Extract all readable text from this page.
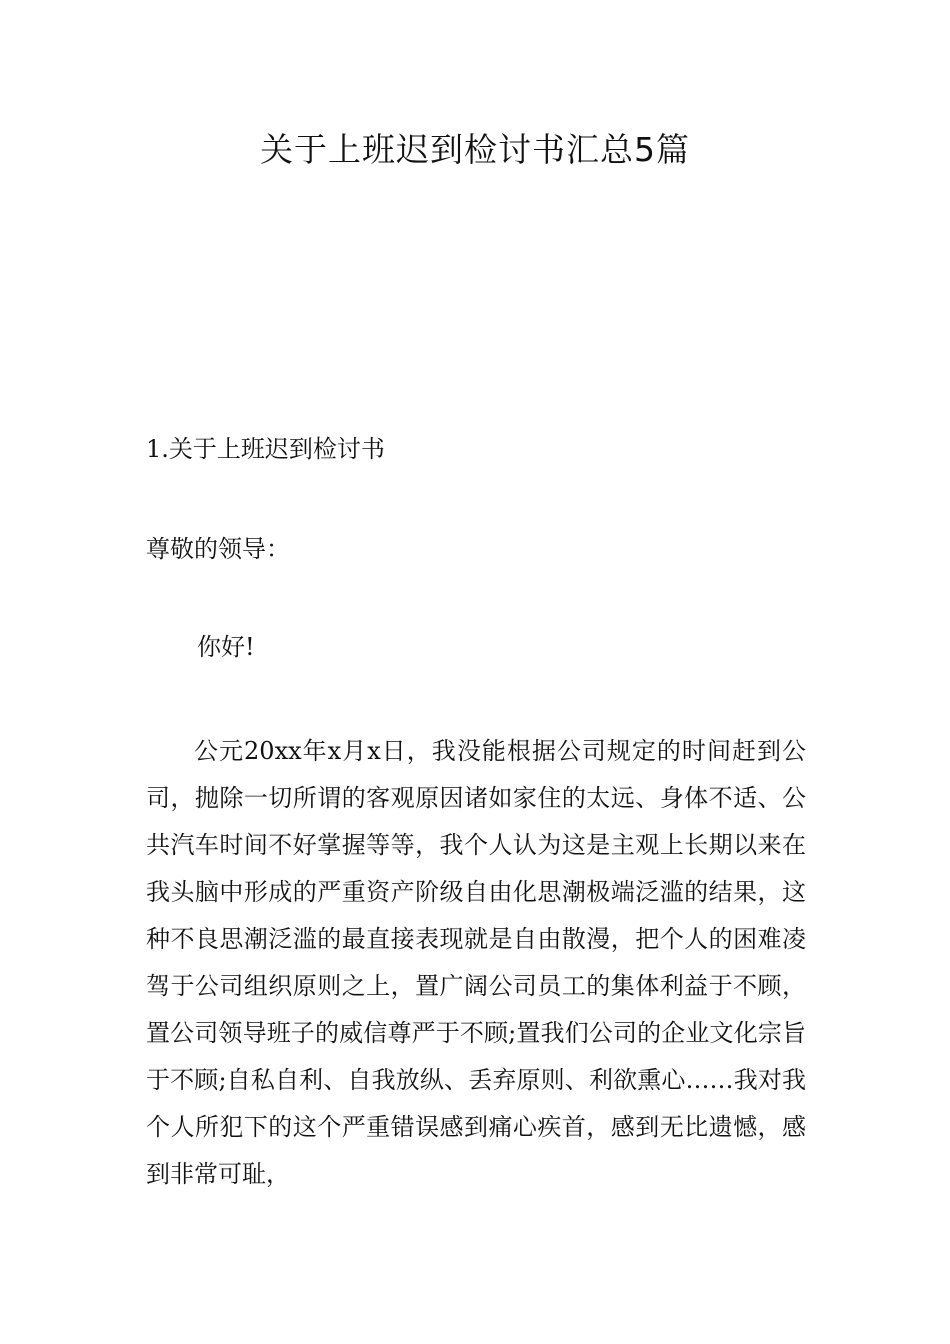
关于上班迟到检讨书汇总5篇
1.关于上班迟到检讨书

尊敬的领导：

你好!

公元20xx年x月x日，我没能根据公司规定的时间赶到公司，抛除一切所谓的客观原因诸如家住的太远、身体不适、公共汽车时间不好掌握等等，我个人认为这是主观上长期以来在我头脑中形成的严重资产阶级自由化思潮极端泛滥的结果，这种不良思潮泛滥的最直接表现就是自由散漫，把个人的困难凌驾于公司组织原则之上，置广阔公司员工的集体利益于不顾，置公司领导班子的威信尊严于不顾;置我们公司的企业文化宗旨于不顾;自私自利、自我放纵、丢弃原则、利欲熏心……我对我个人所犯下的这个严重错误感到痛心疾首，感到无比遗憾，感到非常可耻，
